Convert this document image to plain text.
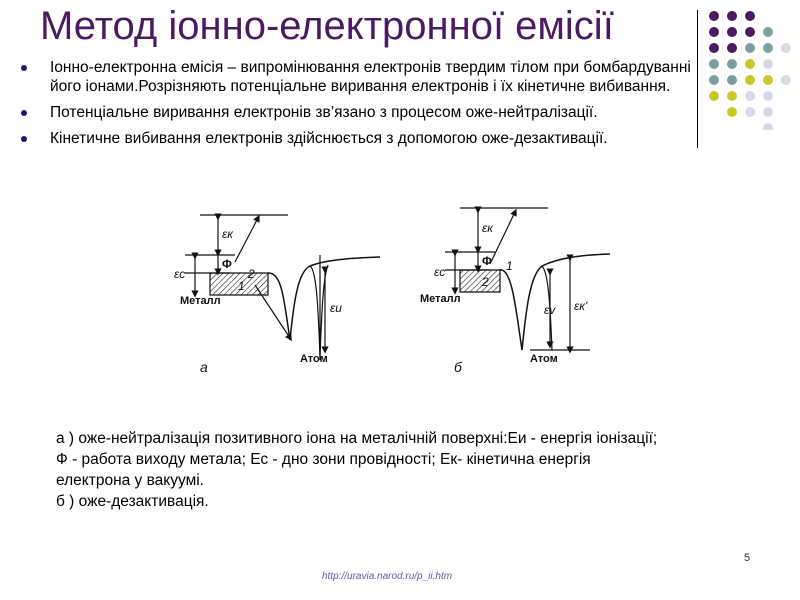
Метод іонно-електронної емісії
Іонно-електронна емісія – випромінювання електронів твердим тілом при бомбардуванні його іонами.Розрізняють потенціальне виривання електронів і їх кінетичне вибивання.
Потенціальне виривання електронів зв’язано з процесом оже-нейтралізації.
Кінетичне вибивання електронів здійснюється з допомогою оже-дезактивації.
εк
Φ
εс	2
1
Металл	εи
Атом
а
εк
Φ
εс	1
2
Металл
εv εк'
Атом
б
а ) оже-нейтралізація позитивного іона на металічній поверхні:Еи - енергія іонізації;
Ф - работа виходу метала; Ес - дно зони провідності; Ек- кінетична енергія
електрона у вакуумі.
б ) оже-дезактивація.
5
http://uravia.narod.ru/p_ii.htm
